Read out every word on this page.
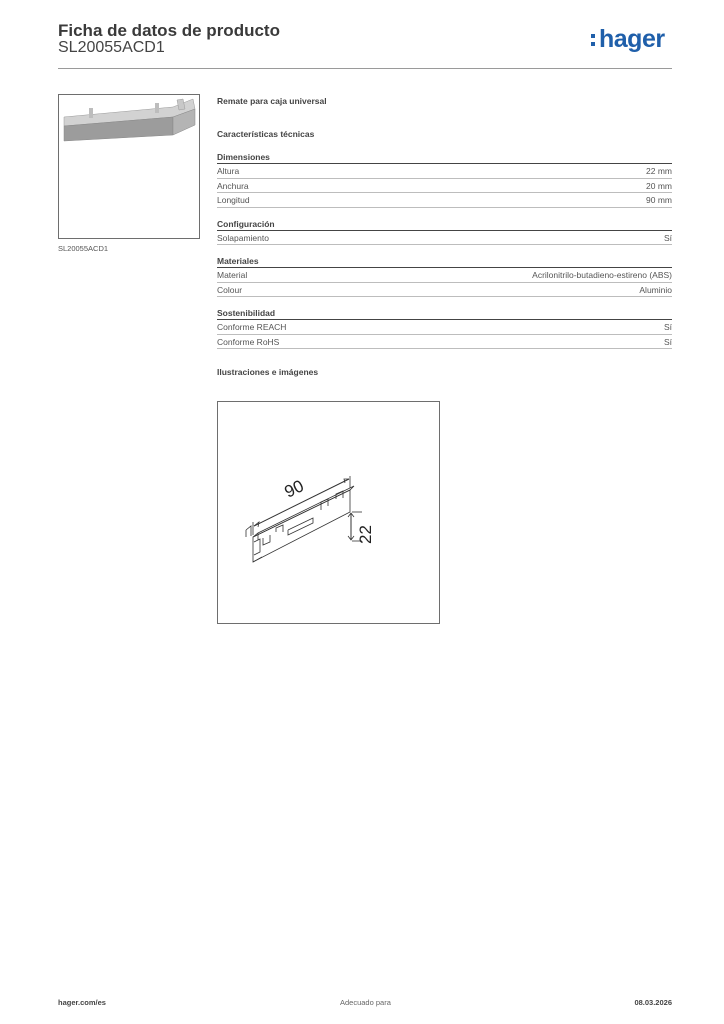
Ficha de datos de producto
SL20055ACD1	hager
SL20055ACD1
Remate para caja universal
Características técnicas
Dimensiones
Altura	22 mm
Anchura	20 mm
Longitud	90 mm
Configuración
Solapamiento	Sí
Materiales
Material	Acrilonitrilo-butadieno-estireno (ABS)
Colour	Aluminio
Sostenibilidad
Conforme REACH	Sí
Conforme RoHS	Sí
Ilustraciones e imágenes
90
22
hager.com/es	Adecuado para	08.03.2026
